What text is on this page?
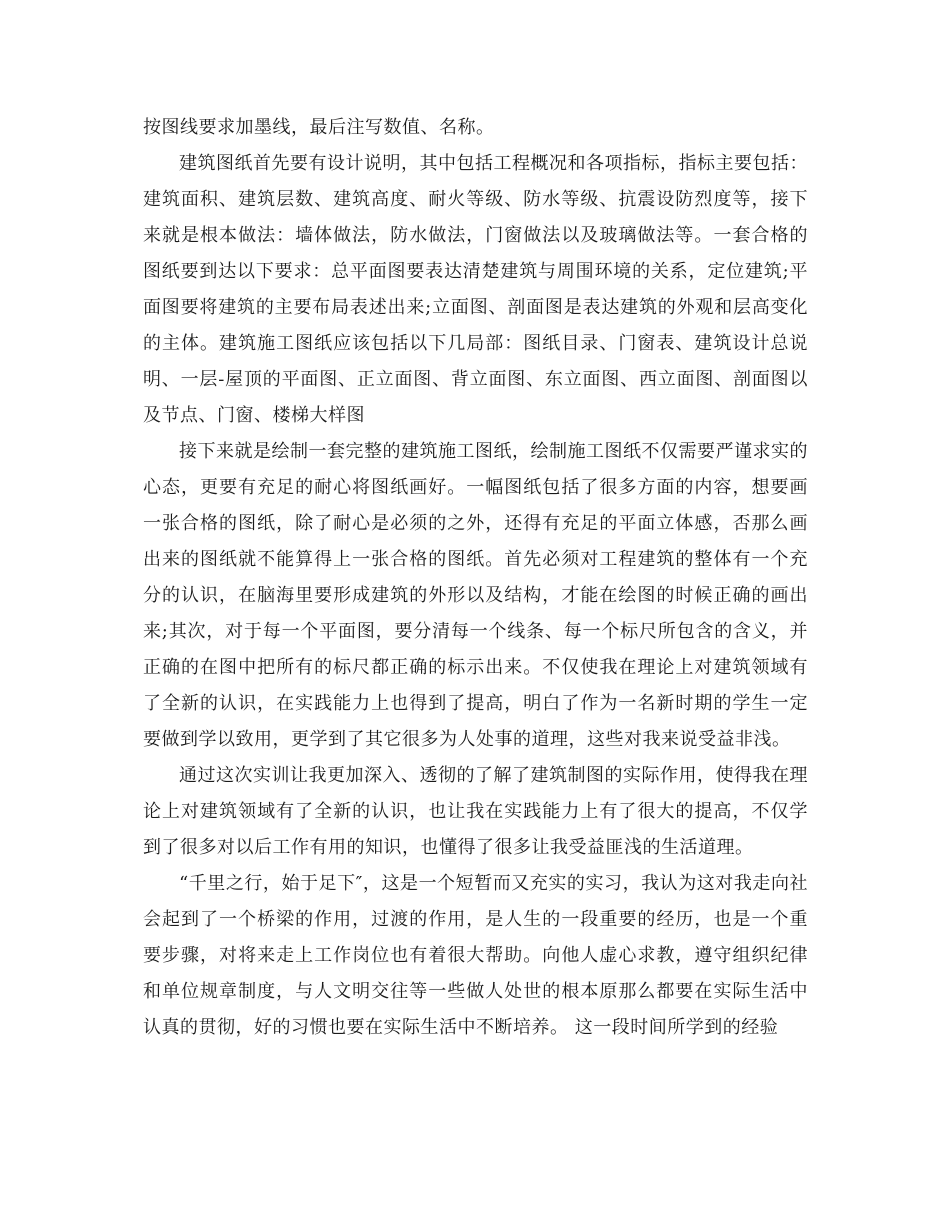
按图线要求加墨线，最后注写数值、名称。

建筑图纸首先要有设计说明，其中包括工程概况和各项指标，指标主要包括：建筑面积、建筑层数、建筑高度、耐火等级、防水等级、抗震设防烈度等，接下来就是根本做法：墙体做法，防水做法，门窗做法以及玻璃做法等。一套合格的图纸要到达以下要求：总平面图要表达清楚建筑与周围环境的关系，定位建筑;平面图要将建筑的主要布局表述出来;立面图、剖面图是表达建筑的外观和层高变化的主体。建筑施工图纸应该包括以下几局部：图纸目录、门窗表、建筑设计总说明、一层-屋顶的平面图、正立面图、背立面图、东立面图、西立面图、剖面图以及节点、门窗、楼梯大样图

接下来就是绘制一套完整的建筑施工图纸，绘制施工图纸不仅需要严谨求实的心态，更要有充足的耐心将图纸画好。一幅图纸包括了很多方面的内容，想要画一张合格的图纸，除了耐心是必须的之外，还得有充足的平面立体感，否那么画出来的图纸就不能算得上一张合格的图纸。首先必须对工程建筑的整体有一个充分的认识，在脑海里要形成建筑的外形以及结构，才能在绘图的时候正确的画出来;其次，对于每一个平面图，要分清每一个线条、每一个标尺所包含的含义，并正确的在图中把所有的标尺都正确的标示出来。不仅使我在理论上对建筑领域有了全新的认识，在实践能力上也得到了提高，明白了作为一名新时期的学生一定要做到学以致用，更学到了其它很多为人处事的道理，这些对我来说受益非浅。

通过这次实训让我更加深入、透彻的了解了建筑制图的实际作用，使得我在理论上对建筑领域有了全新的认识，也让我在实践能力上有了很大的提高，不仅学到了很多对以后工作有用的知识，也懂得了很多让我受益匪浅的生活道理。

“千里之行，始于足下″，这是一个短暂而又充实的实习，我认为这对我走向社会起到了一个桥梁的作用，过渡的作用，是人生的一段重要的经历，也是一个重要步骤，对将来走上工作岗位也有着很大帮助。向他人虚心求教，遵守组织纪律和单位规章制度，与人文明交往等一些做人处世的根本原那么都要在实际生活中认真的贯彻，好的习惯也要在实际生活中不断培养。 这一段时间所学到的经验
